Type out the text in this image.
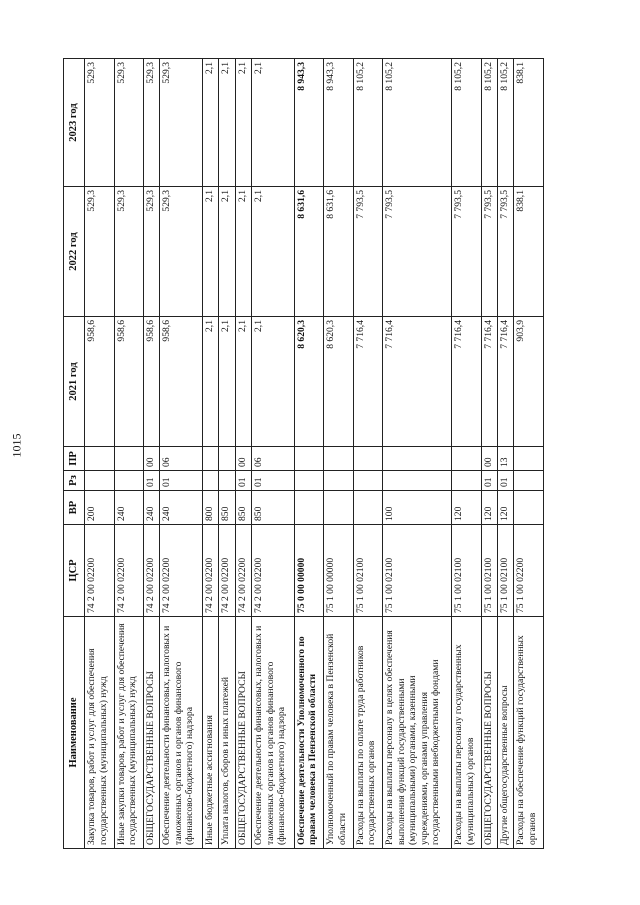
1015
Наименование	ЦСР	ВР	Рз	ПР	2021 год	2022 год	2023 год
Закупка товаров, работ и услуг для обеспечения государственных (муниципальных) нужд	74 2 00 02200	200			958,6	529,3	529,3
Иные закупки товаров, работ и услуг для обеспечения государственных (муниципальных) нужд	74 2 00 02200	240			958,6	529,3	529,3
ОБЩЕГОСУДАРСТВЕННЫЕ ВОПРОСЫ	74 2 00 02200	240	01	00	958,6	529,3	529,3
Обеспечение деятельности финансовых, налоговых и таможенных органов и органов финансового (финансово-бюджетного) надзора	74 2 00 02200	240	01	06	958,6	529,3	529,3
Иные бюджетные ассигнования	74 2 00 02200	800			2,1	2,1	2,1
Уплата налогов, сборов и иных платежей	74 2 00 02200	850			2,1	2,1	2,1
ОБЩЕГОСУДАРСТВЕННЫЕ ВОПРОСЫ	74 2 00 02200	850	01	00	2,1	2,1	2,1
Обеспечение деятельности финансовых, налоговых и таможенных органов и органов финансового (финансово-бюджетного) надзора	74 2 00 02200	850	01	06	2,1	2,1	2,1
Обеспечение деятельности Уполномоченного по правам человека в Пензенской области	75 0 00 00000				8 620,3	8 631,6	8 943,3
Уполномоченный по правам человека в Пензенской области	75 1 00 00000				8 620,3	8 631,6	8 943,3
Расходы на выплаты по оплате труда работников государственных органов	75 1 00 02100				7 716,4	7 793,5	8 105,2
Расходы на выплаты персоналу в целях обеспечения выполнения функций государственными (муниципальными) органами, казенными учреждениями, органами управления государственными внебюджетными фондами	75 1 00 02100	100			7 716,4	7 793,5	8 105,2
Расходы на выплаты персоналу государственных (муниципальных) органов	75 1 00 02100	120			7 716,4	7 793,5	8 105,2
ОБЩЕГОСУДАРСТВЕННЫЕ ВОПРОСЫ	75 1 00 02100	120	01	00	7 716,4	7 793,5	8 105,2
Другие общегосударственные вопросы	75 1 00 02100	120	01	13	7 716,4	7 793,5	8 105,2
Расходы на обеспечение функций государственных органов	75 1 00 02200				903,9	838,1	838,1
